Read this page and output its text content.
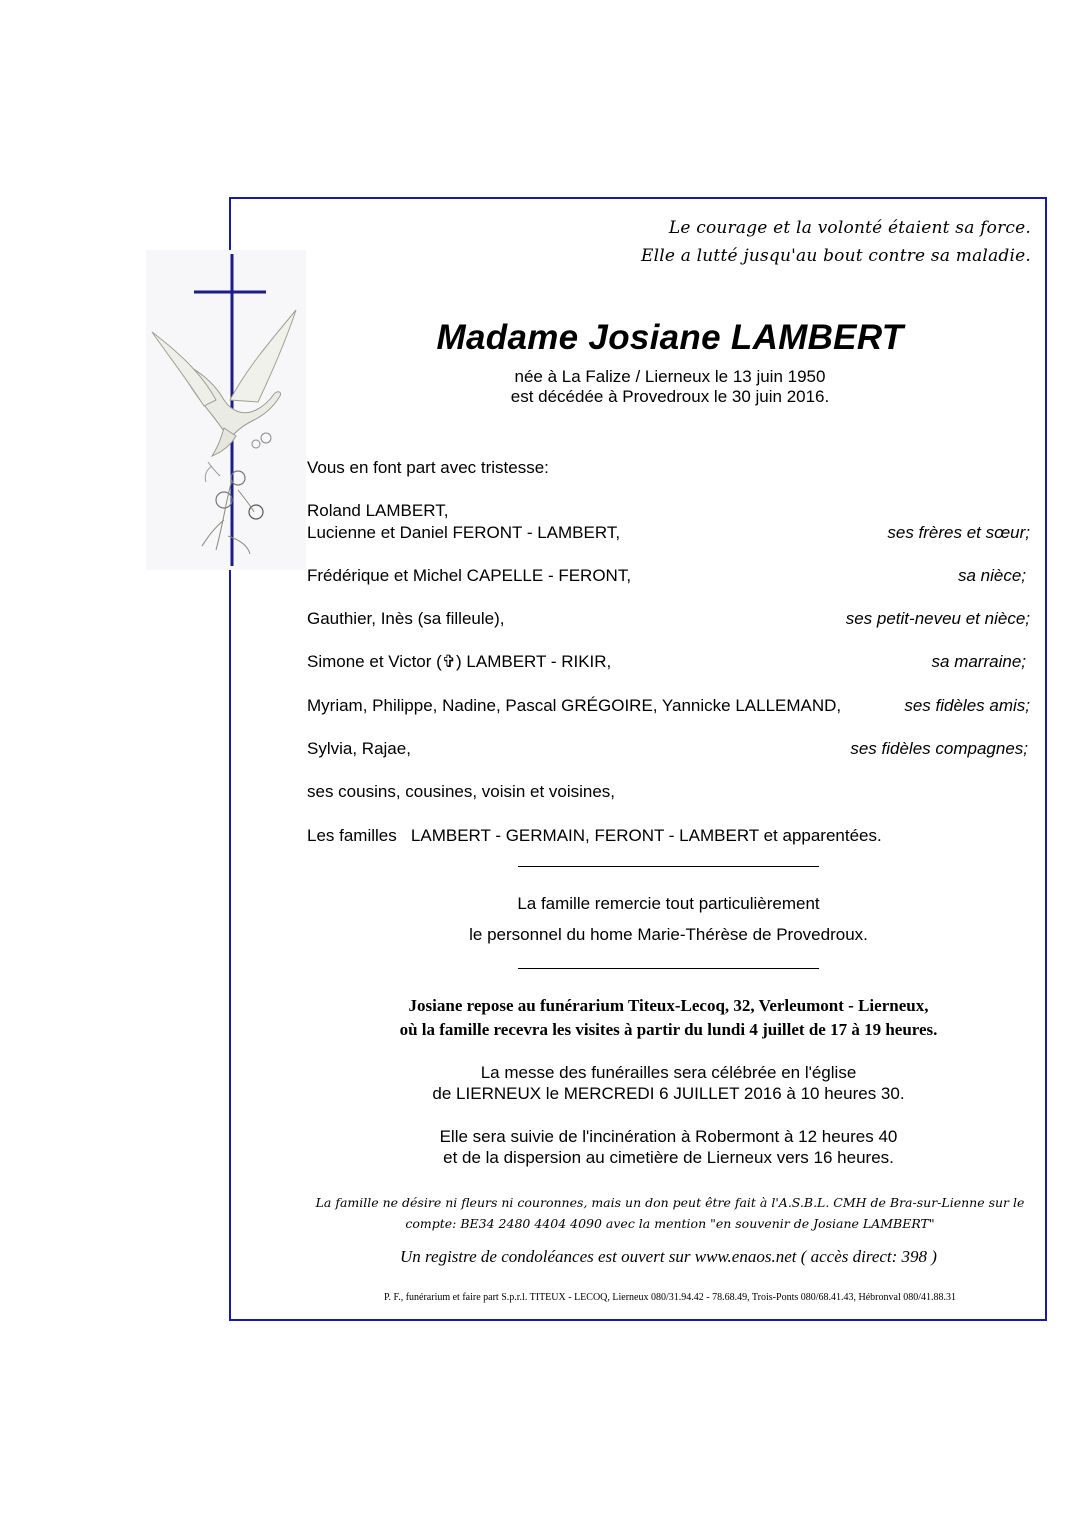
Le courage et la volonté étaient sa force.
Elle a lutté jusqu'au bout contre sa maladie.
Madame Josiane LAMBERT
née à La Falize / Lierneux le 13 juin 1950
est décédée à Provedroux le 30 juin 2016.
Vous en font part avec tristesse:
Roland LAMBERT,
Lucienne et Daniel FERONT - LAMBERT,	ses frères et sœur;
Frédérique et Michel CAPELLE - FERONT,	sa nièce;
Gauthier, Inès (sa filleule),	ses petit-neveu et nièce;
Simone et Victor (✞) LAMBERT - RIKIR,	sa marraine;
Myriam, Philippe, Nadine, Pascal GRÉGOIRE, Yannicke LALLEMAND,	ses fidèles amis;
Sylvia, Rajae,	ses fidèles compagnes;
ses cousins, cousines, voisin et voisines,
Les familles   LAMBERT - GERMAIN, FERONT - LAMBERT et apparentées.
La famille remercie tout particulièrement
le personnel du home Marie-Thérèse de Provedroux.
Josiane repose au funérarium Titeux-Lecoq, 32, Verleumont - Lierneux,
où la famille recevra les visites à partir du lundi 4 juillet de 17 à 19 heures.
La messe des funérailles sera célébrée en l'église
de LIERNEUX le MERCREDI 6 JUILLET 2016 à 10 heures 30.
Elle sera suivie de l'incinération à Robermont à 12 heures 40
et de la dispersion au cimetière de Lierneux vers 16 heures.
La famille ne désire ni fleurs ni couronnes, mais un don peut être fait à l'A.S.B.L. CMH de Bra-sur-Lienne sur le
compte: BE34 2480 4404 4090 avec la mention "en souvenir de Josiane LAMBERT"
Un registre de condoléances est ouvert sur www.enaos.net ( accès direct: 398 )
P. F., funérarium et faire part S.p.r.l. TITEUX - LECOQ, Lierneux 080/31.94.42 - 78.68.49, Trois-Ponts 080/68.41.43, Hébronval 080/41.88.31
